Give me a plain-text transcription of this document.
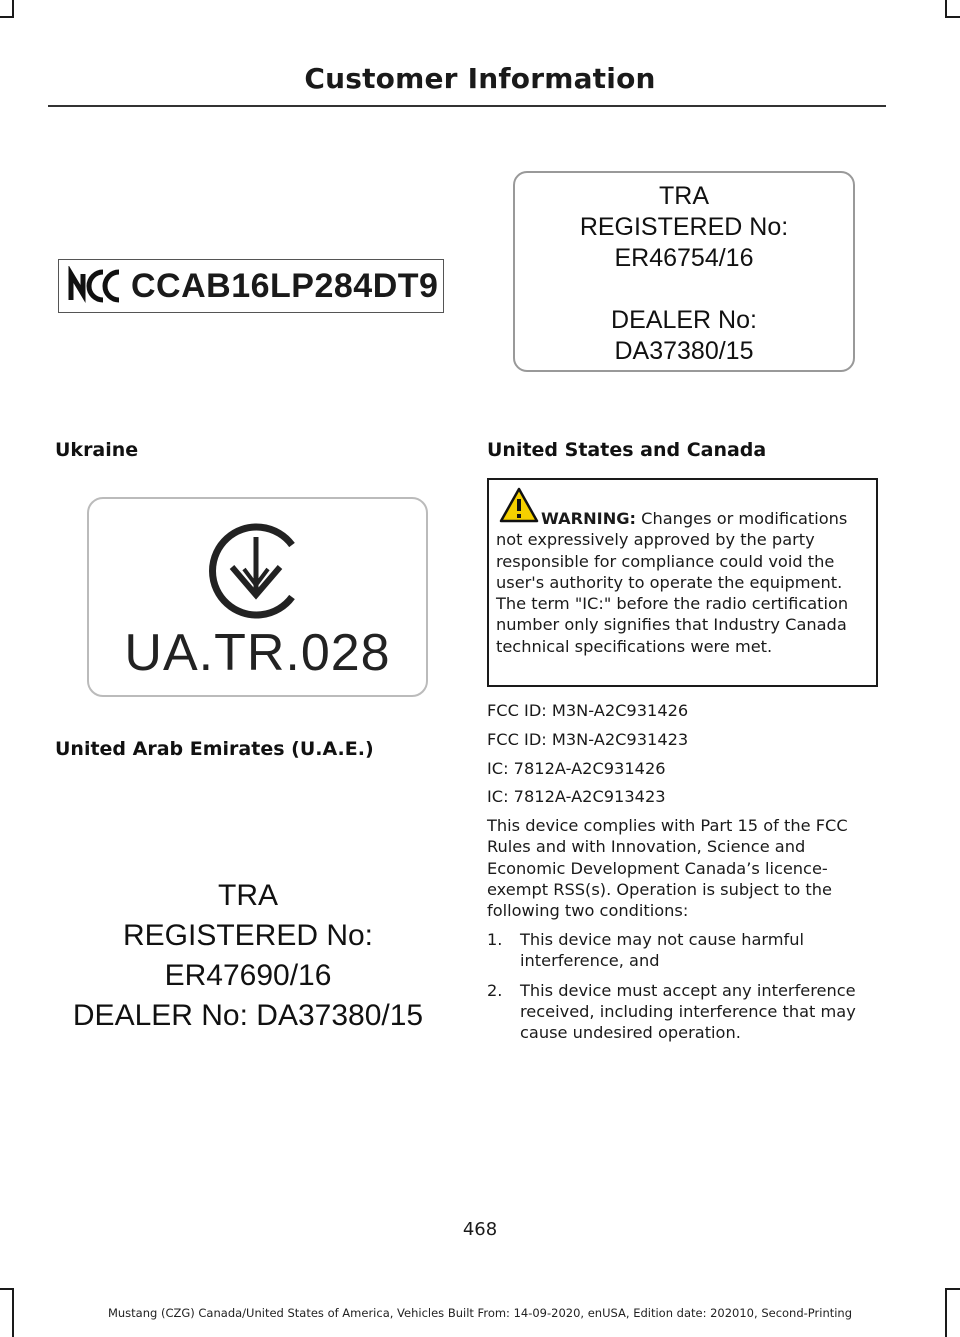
Customer Information
CCAB16LP284DT9
TRA
REGISTERED No:
ER46754/16
DEALER No:
DA37380/15
Ukraine
UA.TR.028
United Arab Emirates (U.A.E.)
TRA
REGISTERED No: ER47690/16
DEALER No: DA37380/15
United States and Canada
WARNING: Changes or modifications not expressively approved by the party responsible for compliance could void the user's authority to operate the equipment. The term "IC:" before the radio certification number only signifies that Industry Canada technical specifications were met.

FCC ID: M3N-A2C931426

FCC ID: M3N-A2C931423

IC: 7812A-A2C931426

IC: 7812A-A2C913423

This device complies with Part 15 of the FCC Rules and with Innovation, Science and Economic Development Canada’s licence-exempt RSS(s). Operation is subject to the following two conditions:

1. This device may not cause harmful interference, and
2. This device must accept any interference received, including interference that may cause undesired operation.
468
Mustang (CZG) Canada/United States of America, Vehicles Built From: 14-09-2020, enUSA, Edition date: 202010, Second-Printing
